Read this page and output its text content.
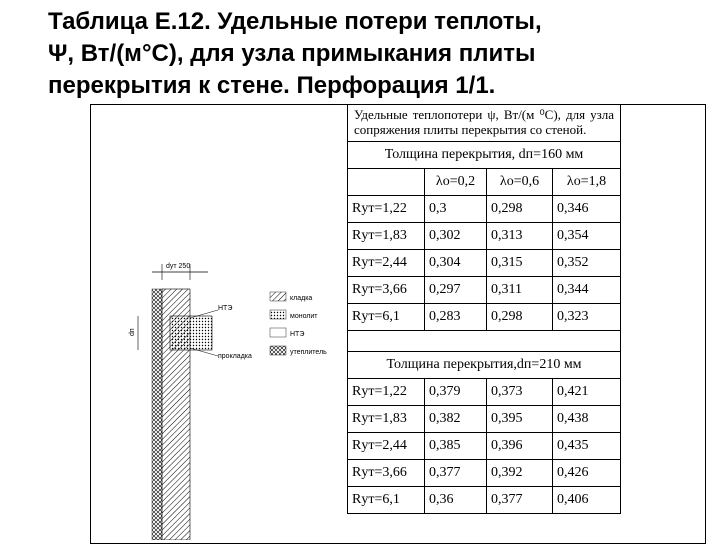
Таблица Е.12. Удельные потери теплоты,
Ψ, Вт/(м°С), для узла примыкания плиты
перекрытия к стене. Перфорация 1/1.
dут 250
dп
НТЭ
прокладка
кладка
монолит
НТЭ
утеплитель
Удельные теплопотери ψ, Вт/(м ⁰С), для узла сопряжения плиты перекрытия со стеной.			
Толщина перекрытия, dп=160 мм			
	λо=0,2	λо=0,6	λо=1,8
Rут=1,22	0,3	0,298	0,346
Rут=1,83	0,302	0,313	0,354
Rут=2,44	0,304	0,315	0,352
Rут=3,66	0,297	0,311	0,344
Rут=6,1	0,283	0,298	0,323

Толщина перекрытия,dп=210 мм			
Rут=1,22	0,379	0,373	0,421
Rут=1,83	0,382	0,395	0,438
Rут=2,44	0,385	0,396	0,435
Rут=3,66	0,377	0,392	0,426
Rут=6,1	0,36	0,377	0,406
